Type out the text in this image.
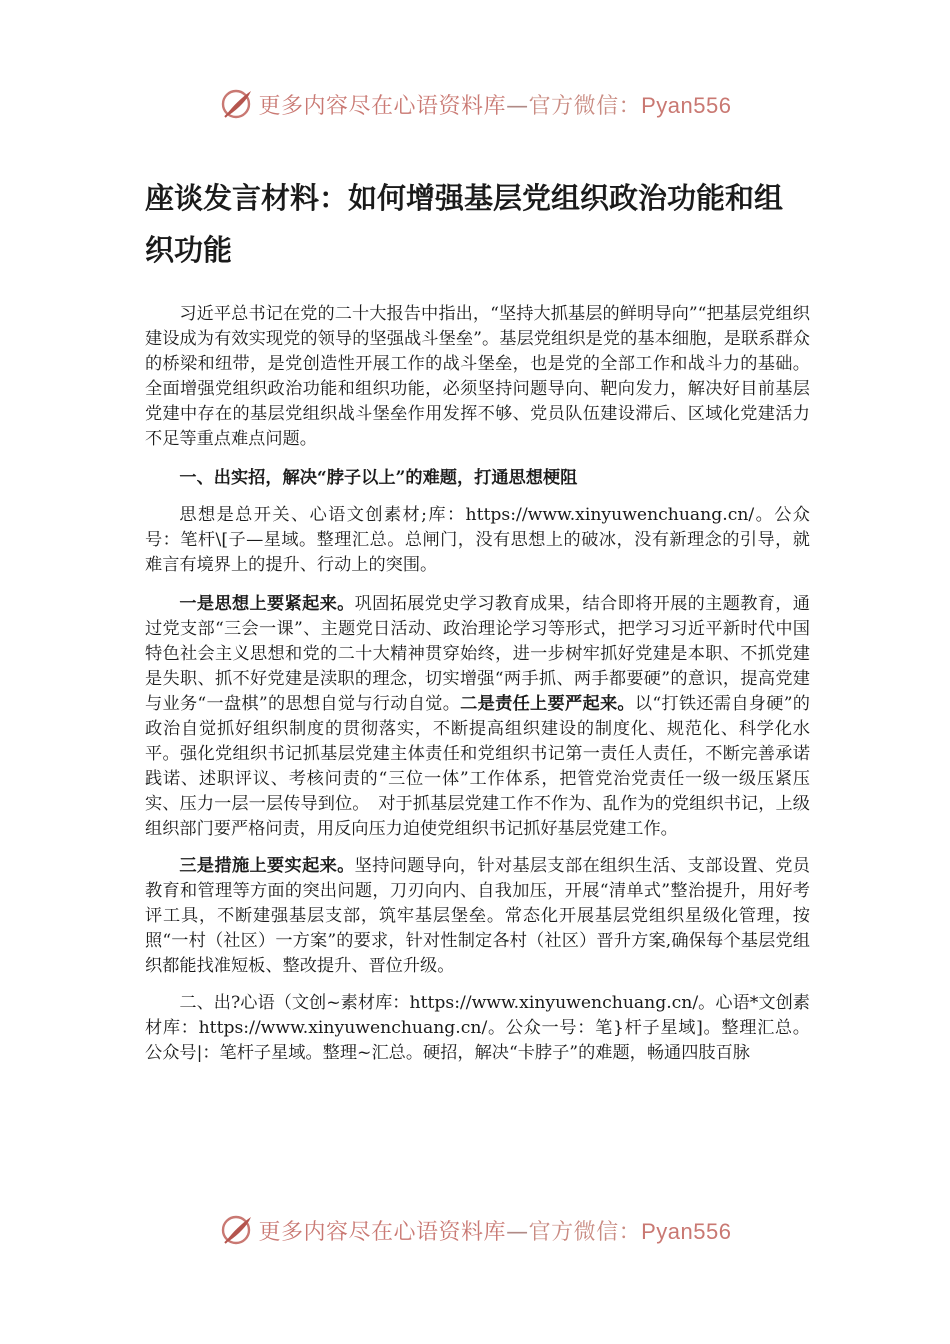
更多内容尽在心语资料库—官方微信：Pyan556
座谈发言材料：如何增强基层党组织政治功能和组织功能

习近平总书记在党的二十大报告中指出，“坚持大抓基层的鲜明导向”“把基层党组织建设成为有效实现党的领导的坚强战斗堡垒”。基层党组织是党的基本细胞，是联系群众的桥梁和纽带，是党创造性开展工作的战斗堡垒，也是党的全部工作和战斗力的基础。全面增强党组织政治功能和组织功能，必须坚持问题导向、靶向发力，解决好目前基层党建中存在的基层党组织战斗堡垒作用发挥不够、党员队伍建设滞后、区域化党建活力不足等重点难点问题。

一、出实招，解决“脖子以上”的难题，打通思想梗阻

思想是总开关、心语文创素材;库：https://www.xinyuwenchuang.cn/。公众号：笔杆\[子—星域。整理汇总。总闸门，没有思想上的破冰，没有新理念的引导，就难言有境界上的提升、行动上的突围。

一是思想上要紧起来。巩固拓展党史学习教育成果，结合即将开展的主题教育，通过党支部“三会一课”、主题党日活动、政治理论学习等形式，把学习习近平新时代中国特色社会主义思想和党的二十大精神贯穿始终，进一步树牢抓好党建是本职、不抓党建是失职、抓不好党建是渎职的理念，切实增强“两手抓、两手都要硬”的意识，提高党建与业务“一盘棋”的思想自觉与行动自觉。二是责任上要严起来。以“打铁还需自身硬”的政治自觉抓好组织制度的贯彻落实，不断提高组织建设的制度化、规范化、科学化水平。强化党组织书记抓基层党建主体责任和党组织书记第一责任人责任，不断完善承诺践诺、述职评议、考核问责的“三位一体”工作体系，把管党治党责任一级一级压紧压实、压力一层一层传导到位。　对于抓基层党建工作不作为、乱作为的党组织书记，上级组织部门要严格问责，用反向压力迫使党组织书记抓好基层党建工作。

三是措施上要实起来。坚持问题导向，针对基层支部在组织生活、支部设置、党员教育和管理等方面的突出问题，刀刃向内、自我加压，开展“清单式”整治提升，用好考评工具，不断建强基层支部，筑牢基层堡垒。常态化开展基层党组织星级化管理，按照“一村（社区）一方案”的要求，针对性制定各村（社区）晋升方案,确保每个基层党组织都能找准短板、整改提升、晋位升级。

二、出?心语（文创~素材库：https://www.xinyuwenchuang.cn/。心语*文创素材库：https://www.xinyuwenchuang.cn/。公众一号：笔}杆子星域]。整理汇总。公众号|：笔杆子星域。整理~汇总。硬招，解决“卡脖子”的难题，畅通四肢百脉

更多内容尽在心语资料库—官方微信：Pyan556
